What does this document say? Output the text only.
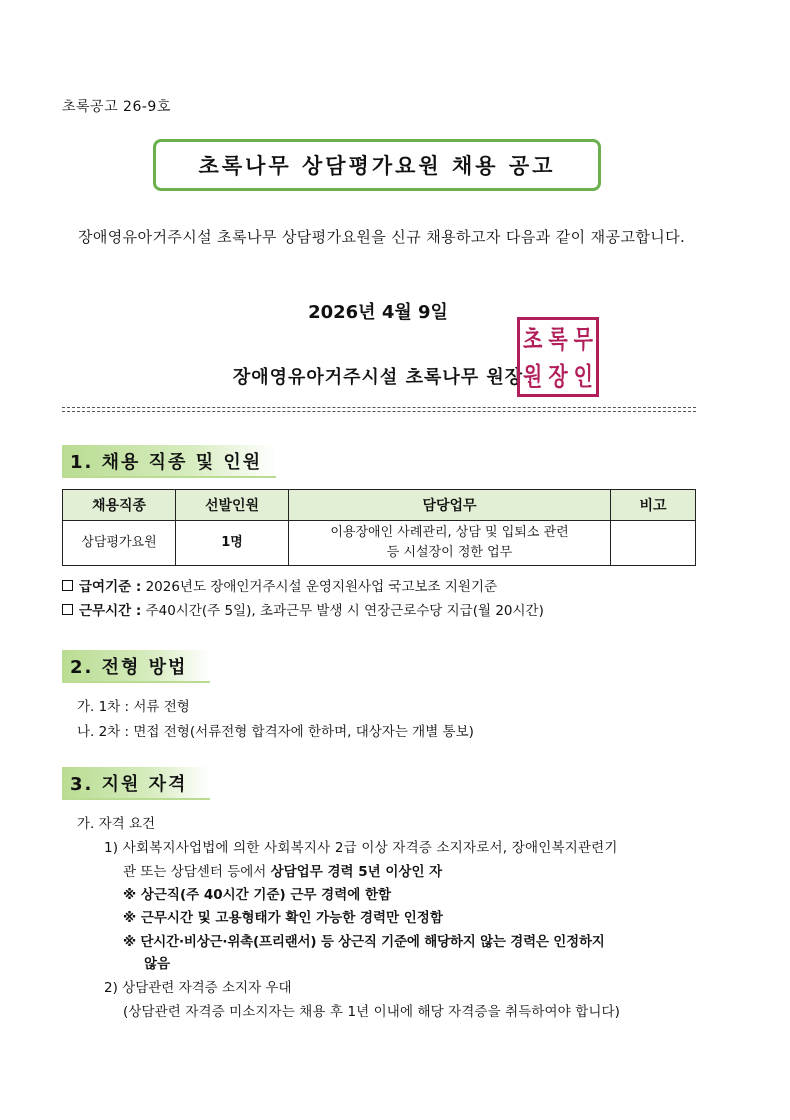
초록공고 26-9호
초록나무 상담평가요원 채용 공고
장애영유아거주시설 초록나무 상담평가요원을 신규 채용하고자 다음과 같이 재공고합니다.
2026년 4월 9일
장애영유아거주시설 초록나무 원장
초 록 무
원 장 인
1. 채용 직종 및 인원
채용직종	선발인원	담당업무	비고
상담평가요원	1명	이용장애인 사례관리, 상담 및 입퇴소 관련
등 시설장이 정한 업무	

급여기준 : 2026년도 장애인거주시설 운영지원사업 국고보조 지원기준
근무시간 : 주40시간(주 5일), 초과근무 발생 시 연장근로수당 지급(월 20시간)
2. 전형 방법
가. 1차 : 서류 전형
나. 2차 : 면접 전형(서류전형 합격자에 한하며, 대상자는 개별 통보)
3. 지원 자격
가. 자격 요건
1) 사회복지사업법에 의한 사회복지사 2급 이상 자격증 소지자로서, 장애인복지관련기
관 또는 상담센터 등에서 상담업무 경력 5년 이상인 자
※ 상근직(주 40시간 기준) 근무 경력에 한함
※ 근무시간 및 고용형태가 확인 가능한 경력만 인정함
※ 단시간·비상근·위촉(프리랜서) 등 상근직 기준에 해당하지 않는 경력은 인정하지
않음
2) 상담관련 자격증 소지자 우대
(상담관련 자격증 미소지자는 채용 후 1년 이내에 해당 자격증을 취득하여야 합니다)
